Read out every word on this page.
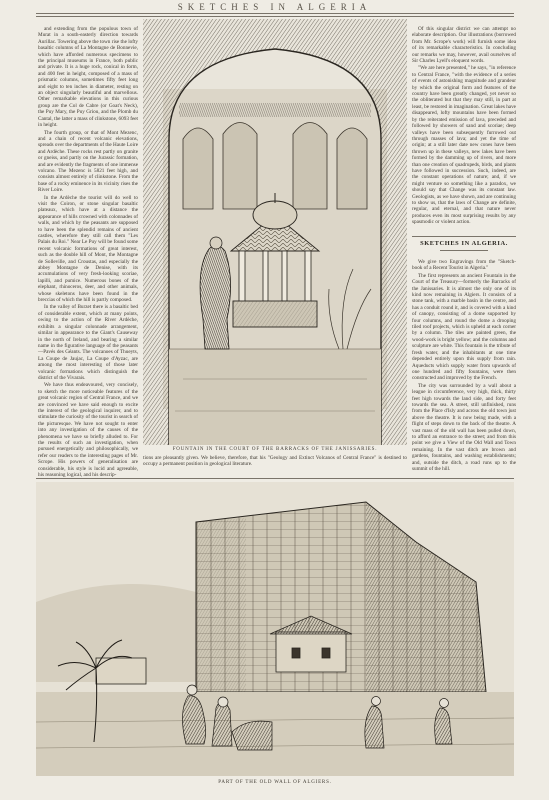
SKETCHES IN ALGERIA

and extending from the populous town of Murat in a south-easterly direction towards Aurillac. Towering above the town rise the lofty basaltic columns of La Montagne de Bonnevie, which have afforded numerous specimens to the principal museums in France, both public and private. It is a huge rock, conical in form, and 400 feet in height, composed of a mass of prismatic columns, sometimes fifty feet long and eight to ten inches in diameter, resting on an object singularly beautiful and marvellous. Other remarkable elevations in this curious group are the Col de Cabre (or Goat's Neck), the Puy Mary, the Puy Griou, and the Plomb du Cantal, the latter a mass of clinkstone, 6093 feet in height.

The fourth group, or that of Mont Mezenc, and a chain of recent volcanic elevations, spreads over the departments of the Haute Loire and Ardèche. These rocks rest partly on granite or gneiss, and partly on the Jurassic formation, and are evidently the fragments of one immense volcano. The Mezenc is 5821 feet high, and consists almost entirely of clinkstone. From the base of a rocky eminence in its vicinity rises the River Loire.

In the Ardèche the tourist will do well to visit the Coiron, or stone singular basaltic plateaux, which have at a distance the appearance of hills crowned with colonnades of walls, and which by the peasants are supposed to have been the splendid remains of ancient castles, wherefore they still call them "Les Palais du Roi." Near Le Puy will be found some recent volcanic formations of great interest, such as the double hill of Mont, the Montagne de Solleville, and Croustas, and especially the abbey Montagne de Denise, with its accumulations of very fresh-looking scoriae, lapilli, and pumice. Numerous bones of the elephant, rhinoceros, deer, and other animals, whose skeletons have been found in the breccias of which the hill is partly composed.

In the valley of Burzet there is a basaltic bed of considerable extent, which at many points, owing to the action of the River Ardèche, exhibits a singular colonnade arrangement, similar in appearance to the Giant's Causeway in the north of Ireland, and bearing a similar name in the figurative language of the peasants—Pavés des Géants. The volcanoes of Thueyts, La Coupe de Jaujac, La Coupe d'Ayzac, are among the most interesting of those later volcanic formations which distinguish the district of the Vivarais.

We have thus endeavoured, very concisely, to sketch the more noticeable features of the great volcanic region of Central France, and we are convinced we have said enough to excite the interest of the geological inquirer, and to stimulate the curiosity of the tourist in search of the picturesque. We have not sought to enter into any investigation of the causes of the phenomena we have so briefly alluded to. For the results of such an investigation, when pursued energetically and philosophically, we refer our readers to the interesting pages of Mr. Scrope. His powers of generalisation are considerable, his style is lucid and agreeable, his reasoning logical, and his descrip-

Of this singular district we can attempt no elaborate description. Our illustrations (borrowed from Mr. Scrope's work) will furnish some idea of its remarkable characteristics. In concluding our remarks we may, however, avail ourselves of Sir Charles Lyell's eloquent words.

"We are here presented," he says, "in reference to Central France, "with the evidence of a series of events of astonishing magnitude and grandeur by which the original form and features of the country have been greatly changed, yet never so the obliterated but that they may still, in part at least, be restored in imagination. Great lakes have disappeared, lofty mountains have been formed by the reiterated emission of lava, preceded and followed by showers of sand and scoriae; deep valleys have been subsequently furrowed out through masses of lava; and yet the time of origin; at a still later date new cones have been thrown up in these valleys, new lakes have been formed by the damming up of rivers, and more than one creation of quadrupeds, birds, and plants have followed in succession. Such, indeed, are the constant operations of nature; and, if we might venture so something like a paradox, we should say that Change was its constant law. Geologists, as we have shown, and are continuing to show us, that the laws of Change are definite, regular, and eternal, and that nature never produces even its most surprising results by any spasmodic or violent action.

SKETCHES IN ALGERIA.

We give two Engravings from the "Sketch-book of a Recent Tourist in Algeria."

The first represents an ancient Fountain in the Court of the Treasury—formerly the Barracks of the Janissaries. It is almost the only one of its kind now remaining in Algiers. It consists of a stone tank, with a marble basin in the centre, and has a conduit round it, and is covered with a kind of canopy, consisting of a dome supported by four columns, and round the dome a drooping tiled roof projects, which is upheld at each corner by a column. The tiles are painted green, the wood-work is bright yellow; and the columns and sculpture are white. This fountain is the tribute of fresh water, and the inhabitants at one time depended entirely upon this supply from rain. Aqueducts which supply water from upwards of one hundred and fifty fountains, were then constructed and improved by the French.

The city was surrounded by a wall about a league in circumference, very high, thick, thirty feet high towards the land side, and forty feet towards the sea. A street, still unfinished, runs from the Place d'Isly and across the old town just above the theatre. It is now being made, with a flight of steps down to the back of the theatre. A vast mass of the old wall has been pulled down, to afford an entrance to the street; and from this point we give a View of the Old Wall and Town remaining. In the vast ditch are brown and gardens, fountains, and washing establishments; and, outside the ditch, a road runs up to the summit of the hill.

FOUNTAIN IN THE COURT OF THE BARRACKS OF THE JANISSARIES.
tions are pleasantly given. We believe, therefore, that his "Geology and Extinct Volcanos of Central France" is destined to occupy a permanent position in geological literature.
PART OF THE OLD WALL OF ALGIERS.
